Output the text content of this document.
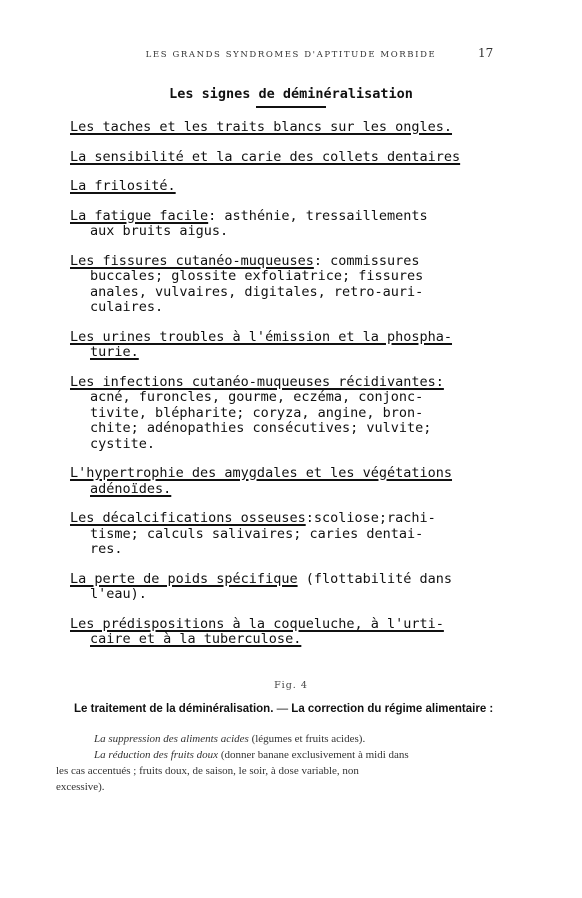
LES GRANDS SYNDROMES D'APTITUDE MORBIDE	17
Les signes de déminéralisation
Les taches et les traits blancs sur les ongles.
La sensibilité et la carie des collets dentaires
La frilosité.
La fatigue facile: asthénie, tressaillements
aux bruits aigus.
Les fissures cutanéo-muqueuses: commissures
buccales; glossite exfoliatrice; fissures
anales, vulvaires, digitales, retro-auri-
culaires.
Les urines troubles à l'émission et la phospha-
turie.
Les infections cutanéo-muqueuses récidivantes:
acné, furoncles, gourme, eczéma, conjonc-
tivite, blépharite; coryza, angine, bron-
chite; adénopathies consécutives; vulvite;
cystite.
L'hypertrophie des amygdales et les végétations
adénoïdes.
Les décalcifications osseuses:scoliose;rachi-
tisme; calculs salivaires; caries dentai-
res.
La perte de poids spécifique (flottabilité dans
l'eau).
Les prédispositions à la coqueluche, à l'urti-
caire et à la tuberculose.
Fig. 4
Le traitement de la déminéralisation. — La correction du régime alimentaire :
La suppression des aliments acides (légumes et fruits acides).
La réduction des fruits doux (donner banane exclusivement à midi dans
les cas accentués ; fruits doux, de saison, le soir, à dose variable, non
excessive).
